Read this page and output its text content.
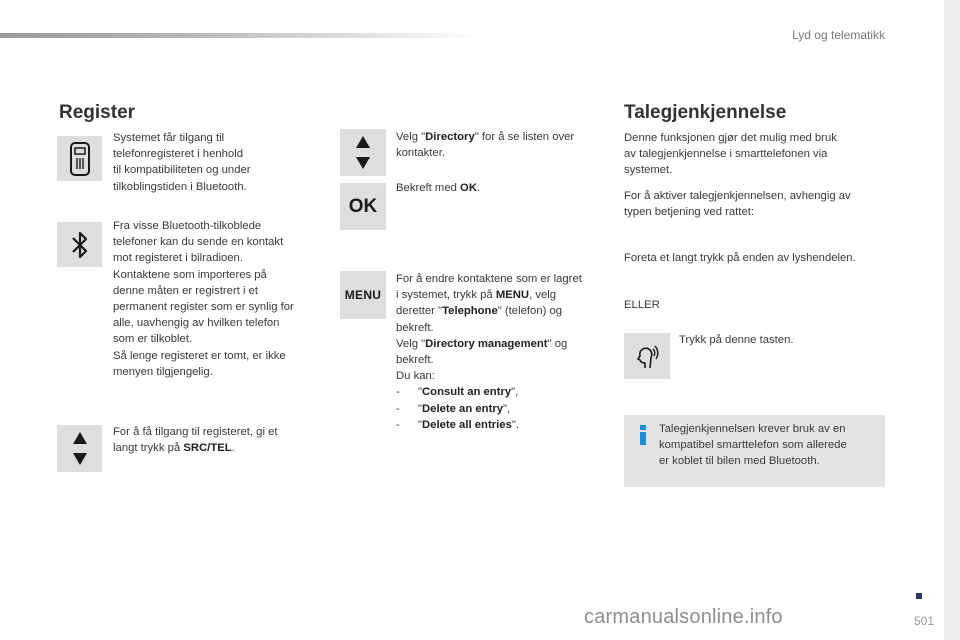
Lyd og telematikk
Register
Systemet får tilgang til
telefonregisteret i henhold
til kompatibiliteten og under
tilkoblingstiden i Bluetooth.
Fra visse Bluetooth-tilkoblede
telefoner kan du sende en kontakt
mot registeret i bilradioen.
Kontaktene som importeres på
denne måten er registrert i et
permanent register som er synlig for
alle, uavhengig av hvilken telefon
som er tilkoblet.
Så lenge registeret er tomt, er ikke
menyen tilgjengelig.
For å få tilgang til registeret, gi et
langt trykk på SRC/TEL.
Velg "Directory" for å se listen over
kontakter.
OK
Bekreft med OK.
MENU
For å endre kontaktene som er lagret
i systemet, trykk på MENU, velg
deretter "Telephone" (telefon) og
bekreft.
Velg "Directory management" og
bekreft.
Du kan:
- "Consult an entry",
- "Delete an entry",
- "Delete all entries".
Talegjenkjennelse
Denne funksjonen gjør det mulig med bruk
av talegjenkjennelse i smarttelefonen via
systemet.
For å aktiver talegjenkjennelsen, avhengig av
typen betjening ved rattet:
Foreta et langt trykk på enden av lyshendelen.
ELLER
Trykk på denne tasten.
Talegjenkjennelsen krever bruk av en
kompatibel smarttelefon som allerede
er koblet til bilen med Bluetooth.
carmanualsonline.info	501
